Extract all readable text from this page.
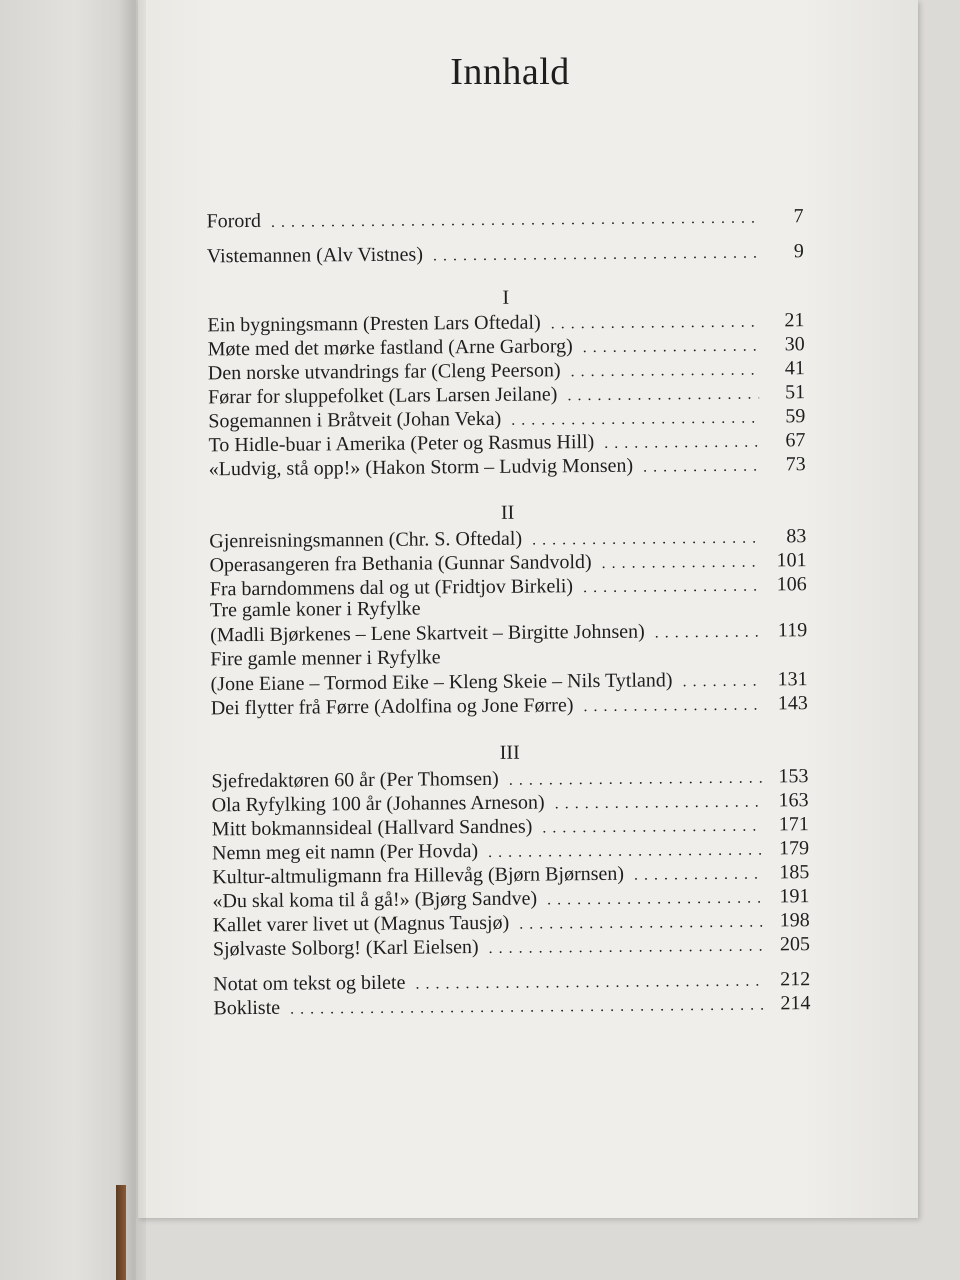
Innhald
Forord . . .	7
Vistemannen (Alv Vistnes) . . .	9
I
Ein bygningsmann (Presten Lars Oftedal) . . .	21
Møte med det mørke fastland (Arne Garborg) . . .	30
Den norske utvandrings far (Cleng Peerson) . . .	41
Førar for sluppefolket (Lars Larsen Jeilane) . . .	51
Sogemannen i Bråtveit (Johan Veka) . . .	59
To Hidle-buar i Amerika (Peter og Rasmus Hill) . . .	67
«Ludvig, stå opp!» (Hakon Storm – Ludvig Monsen) . . .	73
II
Gjenreisningsmannen (Chr. S. Oftedal) . . .	83
Operasangeren fra Bethania (Gunnar Sandvold) . . .	101
Fra barndommens dal og ut (Fridtjov Birkeli) . . .	106
Tre gamle koner i Ryfylke
(Madli Bjørkenes – Lene Skartveit – Birgitte Johnsen) . . .	119
Fire gamle menner i Ryfylke
(Jone Eiane – Tormod Eike – Kleng Skeie – Nils Tytland) . . .	131
Dei flytter frå Førre (Adolfina og Jone Førre) . . .	143
III
Sjefredaktøren 60 år (Per Thomsen) . . .	153
Ola Ryfylking 100 år (Johannes Arneson) . . .	163
Mitt bokmannsideal (Hallvard Sandnes) . . .	171
Nemn meg eit namn (Per Hovda) . . .	179
Kultur-altmuligmann fra Hillevåg (Bjørn Bjørnsen) . . .	185
«Du skal koma til å gå!» (Bjørg Sandve) . . .	191
Kallet varer livet ut (Magnus Tausjø) . . .	198
Sjølvaste Solborg! (Karl Eielsen) . . .	205
Notat om tekst og bilete . . .	212
Bokliste . . .	214
